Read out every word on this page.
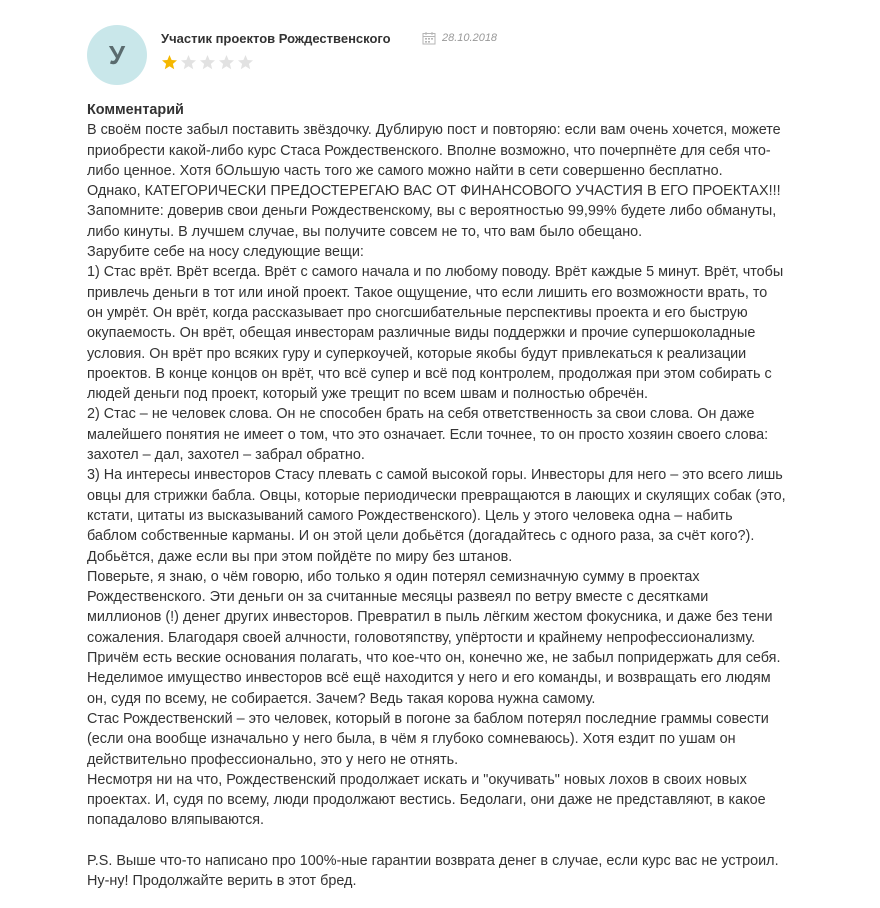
У
Участик проектов Рождественского	28.10.2018
Комментарий

В своём посте забыл поставить звёздочку. Дублирую пост и повторяю: если вам очень хочется, можете

приобрести какой-либо курс Стаса Рождественского. Вполне возможно, что почерпнёте для себя что-

либо ценное. Хотя бОльшую часть того же самого можно найти в сети совершенно бесплатно.

Однако, КАТЕГОРИЧЕСКИ ПРЕДОСТЕРЕГАЮ ВАС ОТ ФИНАНСОВОГО УЧАСТИЯ В ЕГО ПРОЕКТАХ!!!

Запомните: доверив свои деньги Рождественскому, вы с вероятностью 99,99% будете либо обмануты,

либо кинуты. В лучшем случае, вы получите совсем не то, что вам было обещано.

Зарубите себе на носу следующие вещи:

1) Стас врёт. Врёт всегда. Врёт с самого начала и по любому поводу. Врёт каждые 5 минут. Врёт, чтобы

привлечь деньги в тот или иной проект. Такое ощущение, что если лишить его возможности врать, то

он умрёт. Он врёт, когда рассказывает про сногсшибательные перспективы проекта и его быструю

окупаемость. Он врёт, обещая инвесторам различные виды поддержки и прочие супершоколадные

условия. Он врёт про всяких гуру и суперкоучей, которые якобы будут привлекаться к реализации

проектов. В конце концов он врёт, что всё супер и всё под контролем, продолжая при этом собирать с

людей деньги под проект, который уже трещит по всем швам и полностью обречён.

2) Стас – не человек слова. Он не способен брать на себя ответственность за свои слова. Он даже

малейшего понятия не имеет о том, что это означает. Если точнее, то он просто хозяин своего слова:

захотел – дал, захотел – забрал обратно.

3) На интересы инвесторов Стасу плевать с самой высокой горы. Инвесторы для него – это всего лишь

овцы для стрижки бабла. Овцы, которые периодически превращаются в лающих и скулящих собак (это,

кстати, цитаты из высказываний самого Рождественского). Цель у этого человека одна – набить

баблом собственные карманы. И он этой цели добьётся (догадайтесь с одного раза, за счёт кого?).

Добьётся, даже если вы при этом пойдёте по миру без штанов.

Поверьте, я знаю, о чём говорю, ибо только я один потерял семизначную сумму в проектах

Рождественского. Эти деньги он за считанные месяцы развеял по ветру вместе с десятками

миллионов (!) денег других инвесторов. Превратил в пыль лёгким жестом фокусника, и даже без тени

сожаления. Благодаря своей алчности, головотяпству, упёртости и крайнему непрофессионализму.

Причём есть веские основания полагать, что кое-что он, конечно же, не забыл попридержать для себя.

Неделимое имущество инвесторов всё ещё находится у него и его команды, и возвращать его людям

он, судя по всему, не собирается. Зачем? Ведь такая корова нужна самому.

Стас Рождественский – это человек, который в погоне за баблом потерял последние граммы совести

(если она вообще изначально у него была, в чём я глубоко сомневаюсь). Хотя ездит по ушам он

действительно профессионально, это у него не отнять.

Несмотря ни на что, Рождественский продолжает искать и "окучивать" новых лохов в своих новых

проектах. И, судя по всему, люди продолжают вестись. Бедолаги, они даже не представляют, в какое

попадалово вляпываются.

P.S. Выше что-то написано про 100%-ные гарантии возврата денег в случае, если курс вас не устроил.

Ну-ну! Продолжайте верить в этот бред.
